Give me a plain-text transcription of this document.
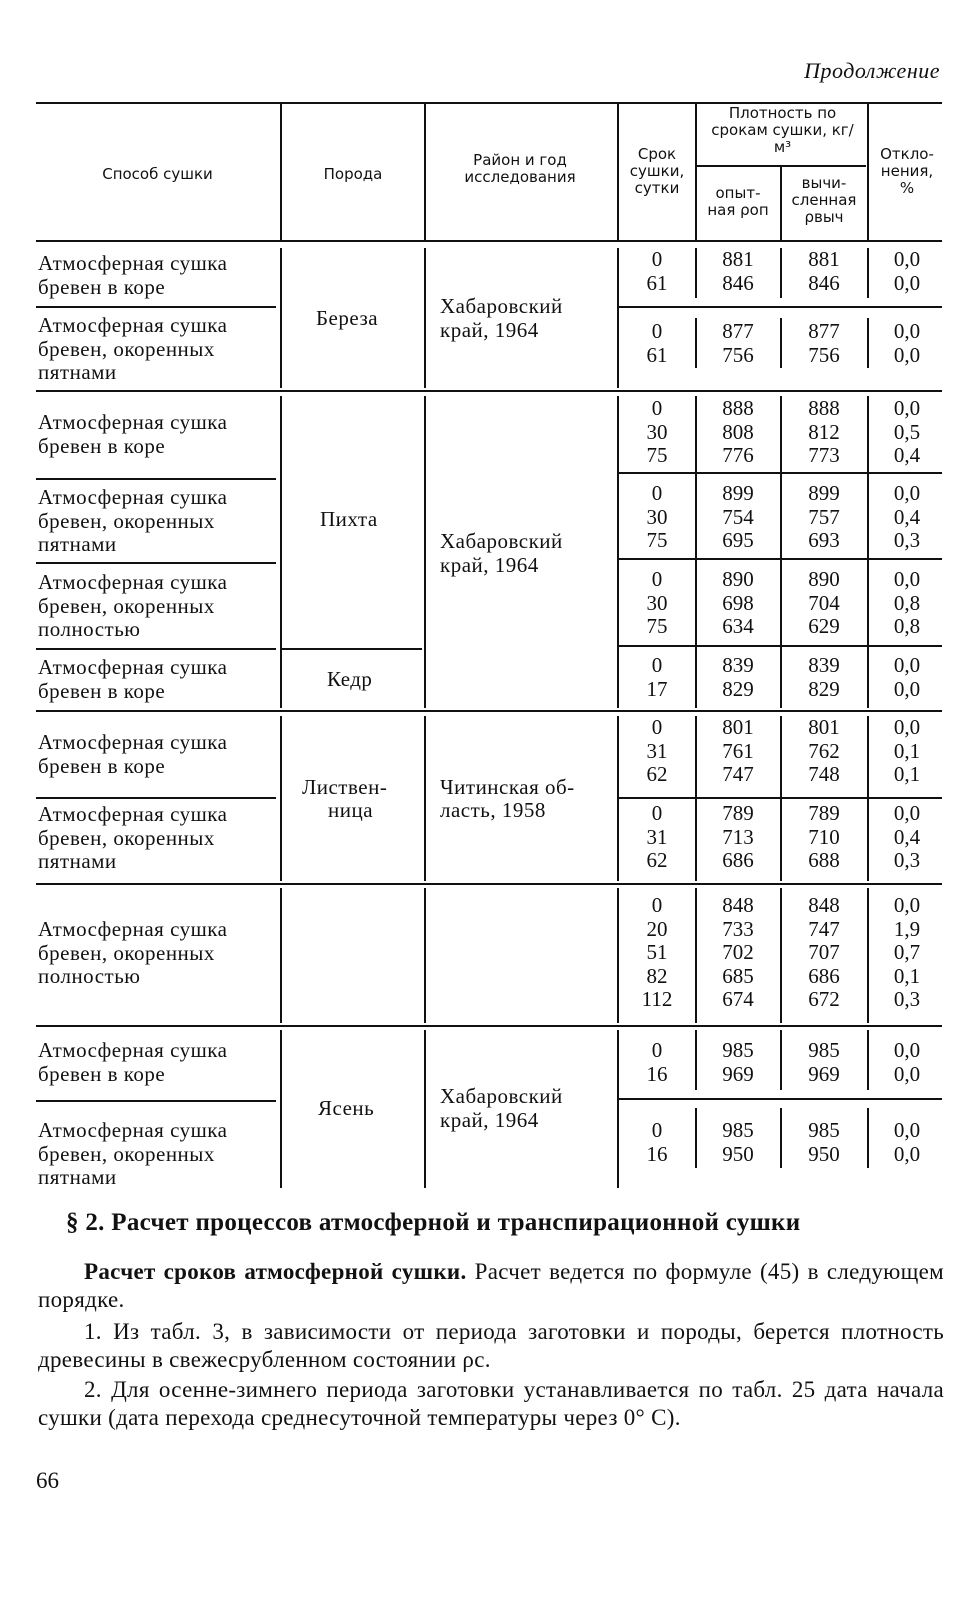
Продолжение
Способ сушки	Порода
Район и год исследования
Срок сушки, сутки
Плотность по срокам сушки, кг/м³
опыт-ная ρоп
вычи-сленная ρвыч
Откло-нения, %
Атмосферная сушка бревен в коре
Атмосферная сушка бревен, окоренных пятнами
Атмосферная сушка бревен в коре
Атмосферная сушка бревен, окоренных пятнами
Атмосферная сушка бревен, окоренных полностью
Атмосферная сушка бревен в коре
Атмосферная сушка бревен в коре
Атмосферная сушка бревен, окоренных пятнами
Атмосферная сушка бревен, окоренных полностью
Атмосферная сушка бревен в коре
Атмосферная сушка бревен, окоренных пятнами
Береза
Пихта
Кедр
Листвен-
ница
Ясень
Хабаровский край, 1964
Хабаровский край, 1964
Читинская об-
ласть, 1958
Хабаровский край, 1964
0
61
0
61
0
30
75
0
30
75
0
30
75
0
17
0
31
62
0
31
62
0
20
51
82
112
0
16
0
16
881
846
877
756
888
808
776
899
754
695
890
698
634
839
829
801
761
747
789
713
686
848
733
702
685
674
985
969
985
950
881
846
877
756
888
812
773
899
757
693
890
704
629
839
829
801
762
748
789
710
688
848
747
707
686
672
985
969
985
950
0,0
0,0
0,0
0,0
0,0
0,5
0,4
0,0
0,4
0,3
0,0
0,8
0,8
0,0
0,0
0,0
0,1
0,1
0,0
0,4
0,3
0,0
1,9
0,7
0,1
0,3
0,0
0,0
0,0
0,0
§ 2. Расчет процессов атмосферной и транспирационной сушки
Расчет сроков атмосферной сушки. Расчет ведется по формуле (45) в следующем порядке.
1. Из табл. 3, в зависимости от периода заготовки и породы, берется плотность древесины в свежесрубленном состоянии ρс.
2. Для осенне-зимнего периода заготовки устанавливается по табл. 25 дата начала сушки (дата перехода среднесуточной температуры через 0° С).
66
